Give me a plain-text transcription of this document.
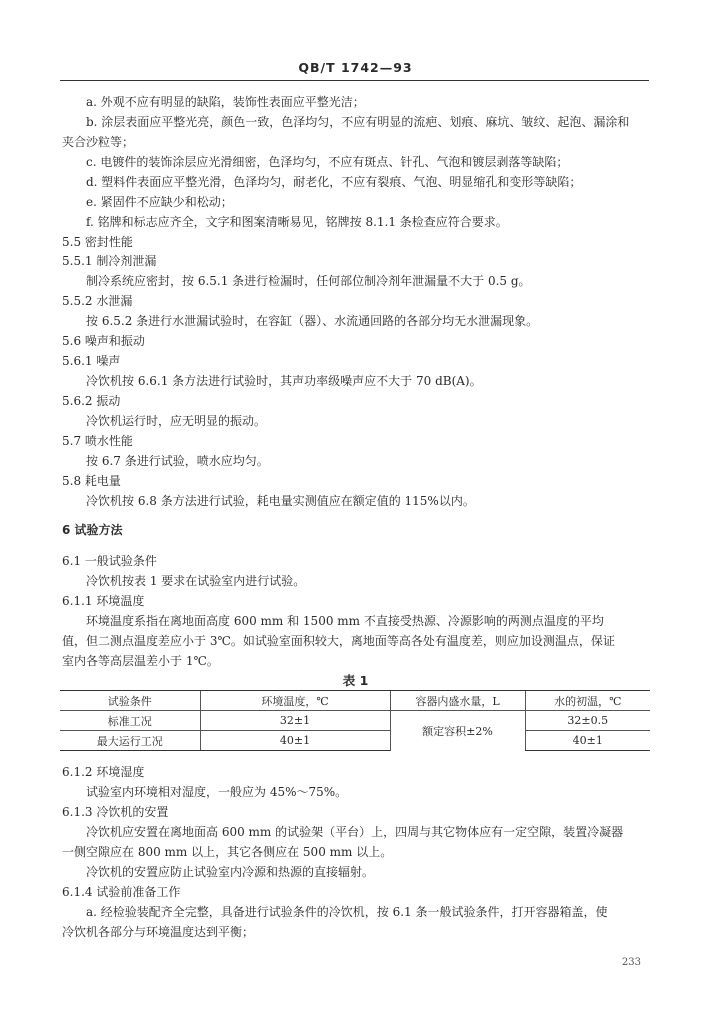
QB/T 1742—93
a. 外观不应有明显的缺陷，装饰性表面应平整光洁；
b. 涂层表面应平整光亮，颜色一致，色泽均匀，不应有明显的流疤、划痕、麻坑、皱纹、起泡、漏涂和
夹合沙粒等；
c. 电镀件的装饰涂层应光滑细密，色泽均匀，不应有斑点、针孔、气泡和镀层剥落等缺陷；
d. 塑料件表面应平整光滑，色泽均匀，耐老化，不应有裂痕、气泡、明显缩孔和变形等缺陷；
e. 紧固件不应缺少和松动；
f. 铭牌和标志应齐全，文字和图案清晰易见，铭牌按 8.1.1 条检查应符合要求。
5.5 密封性能
5.5.1 制冷剂泄漏
制冷系统应密封，按 6.5.1 条进行检漏时，任何部位制冷剂年泄漏量不大于 0.5 g。
5.5.2 水泄漏
按 6.5.2 条进行水泄漏试验时，在容缸（器）、水流通回路的各部分均无水泄漏现象。
5.6 噪声和振动
5.6.1 噪声
冷饮机按 6.6.1 条方法进行试验时，其声功率级噪声应不大于 70 dB(A)。
5.6.2 振动
冷饮机运行时，应无明显的振动。
5.7 喷水性能
按 6.7 条进行试验，喷水应均匀。
5.8 耗电量
冷饮机按 6.8 条方法进行试验，耗电量实测值应在额定值的 115%以内。
6 试验方法
6.1 一般试验条件
冷饮机按表 1 要求在试验室内进行试验。
6.1.1 环境温度
环境温度系指在离地面高度 600 mm 和 1500 mm 不直接受热源、冷源影响的两测点温度的平均
值，但二测点温度差应小于 3℃。如试验室面积较大，离地面等高各处有温度差，则应加设测温点，保证
室内各等高层温差小于 1℃。
表 1
试验条件	环境温度，℃	容器内盛水量，L	水的初温，℃
标准工况	32±1	额定容积±2%	32±0.5
最大运行工况	40±1		40±1
6.1.2 环境湿度
试验室内环境相对湿度，一般应为 45%～75%。
6.1.3 冷饮机的安置
冷饮机应安置在离地面高 600 mm 的试验架（平台）上，四周与其它物体应有一定空隙，装置冷凝器
一侧空隙应在 800 mm 以上，其它各侧应在 500 mm 以上。
冷饮机的安置应防止试验室内冷源和热源的直接辐射。
6.1.4 试验前准备工作
a. 经检验装配齐全完整，具备进行试验条件的冷饮机，按 6.1 条一般试验条件，打开容器箱盖，使
冷饮机各部分与环境温度达到平衡；
233
